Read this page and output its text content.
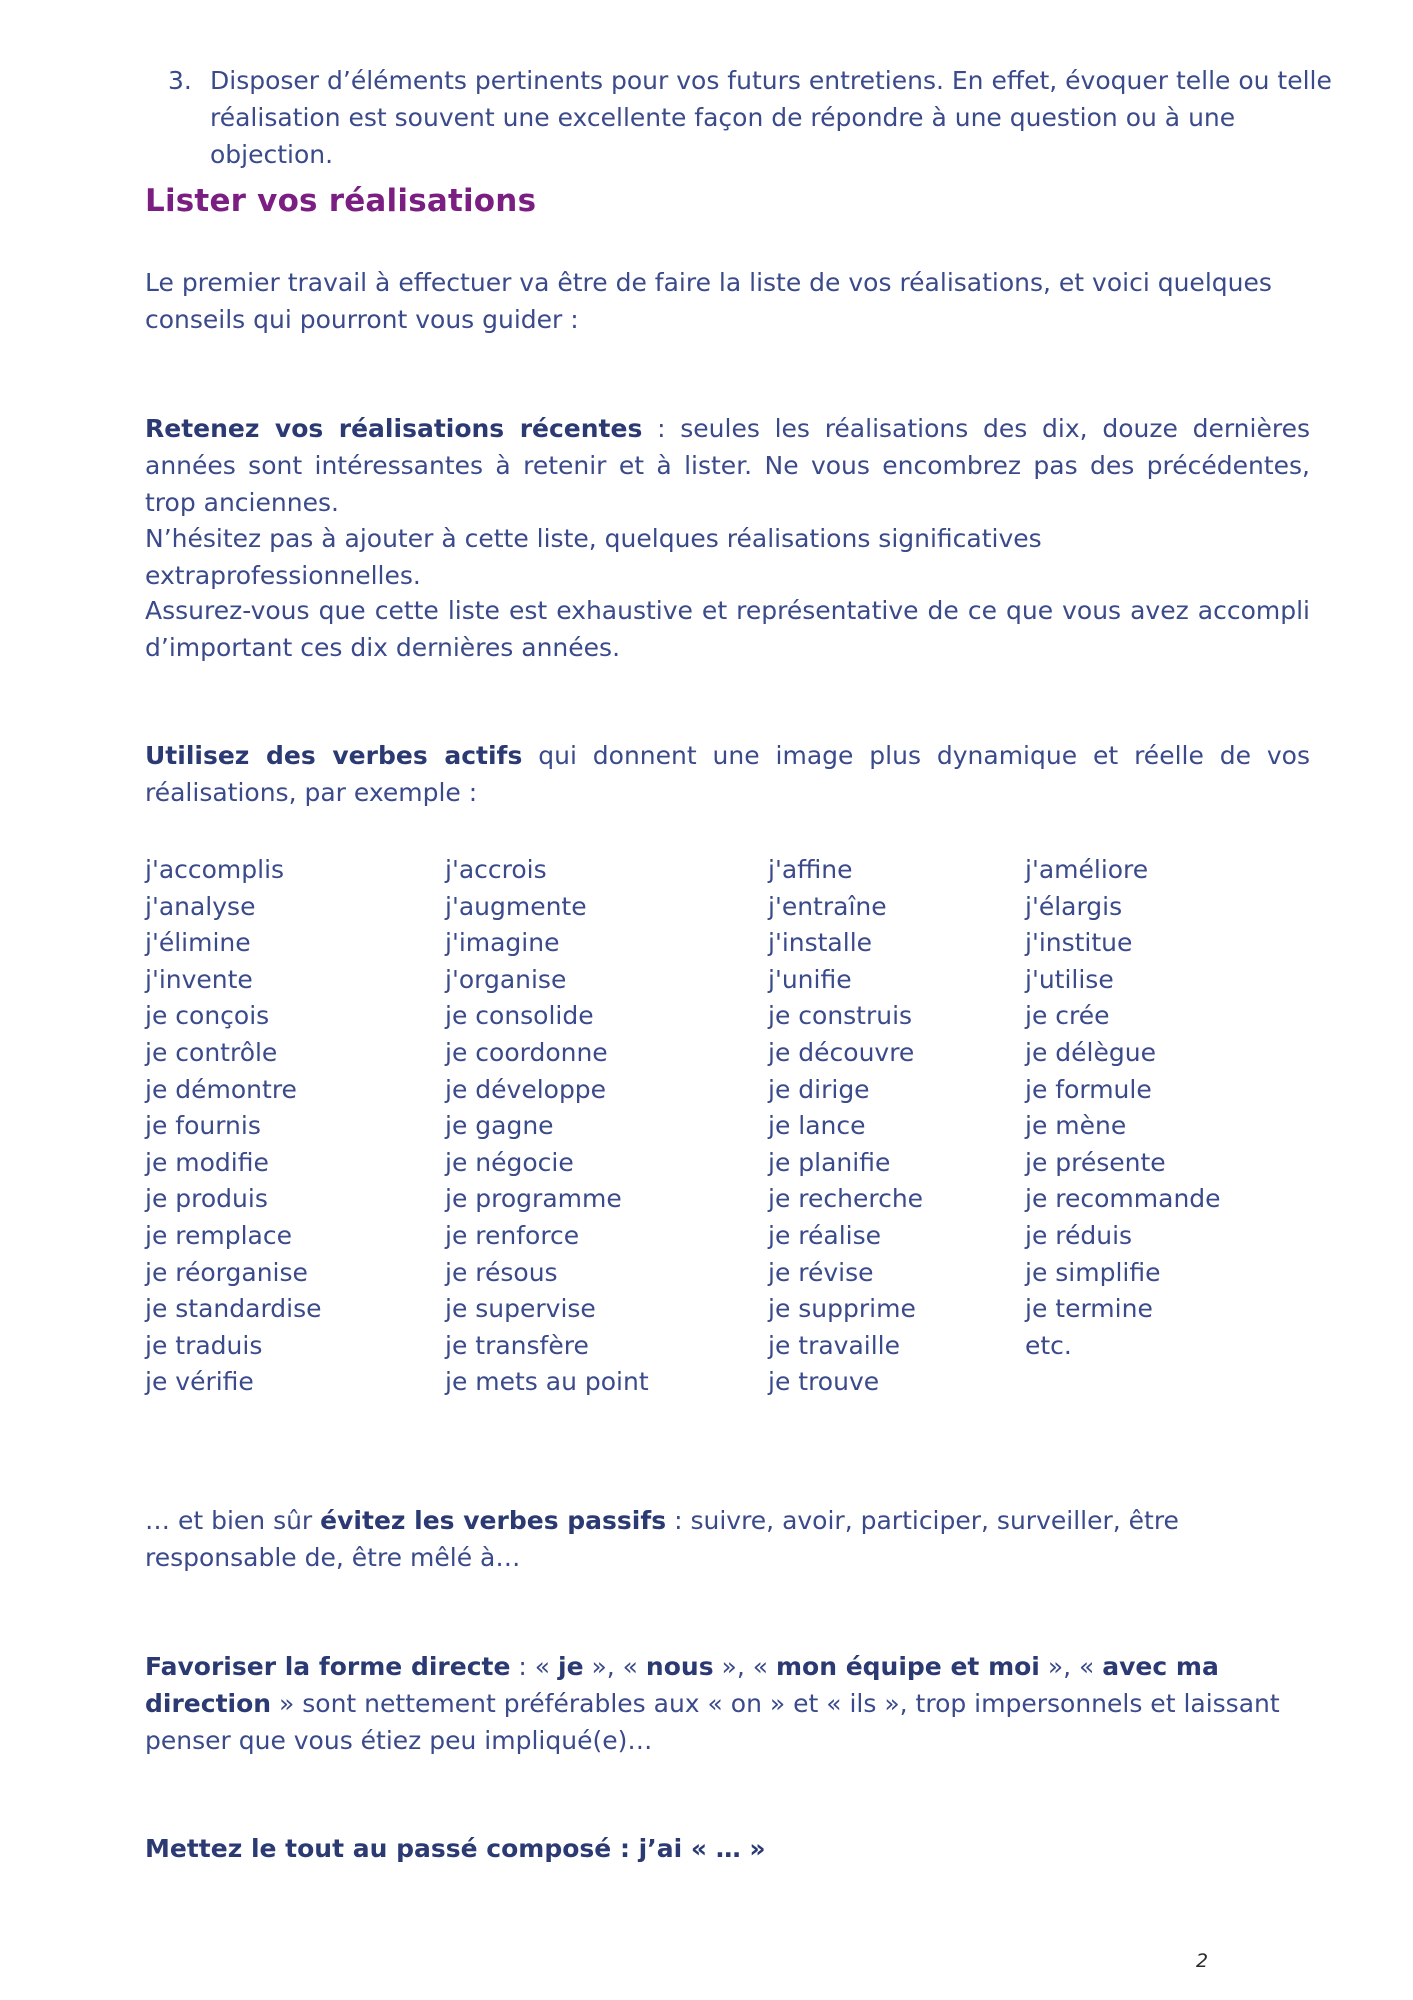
3. Disposer d’éléments pertinents pour vos futurs entretiens. En effet, évoquer telle ou telle réalisation est souvent une excellente façon de répondre à une question ou à une objection.
Lister vos réalisations
Le premier travail à effectuer va être de faire la liste de vos réalisations, et voici quelques conseils qui pourront vous guider :
Retenez vos réalisations récentes : seules les réalisations des dix, douze dernières années sont intéressantes à retenir et à lister. Ne vous encombrez pas des précédentes, trop anciennes.
N’hésitez pas à ajouter à cette liste, quelques réalisations significatives extraprofessionnelles.
Assurez-vous que cette liste est exhaustive et représentative de ce que vous avez accompli d’important ces dix dernières années.
Utilisez des verbes actifs qui donnent une image plus dynamique et réelle de vos réalisations, par exemple :
j'accomplis
j'analyse
j'élimine
j'invente
je conçois
je contrôle
je démontre
je fournis
je modifie
je produis
je remplace
je réorganise
je standardise
je traduis
je vérifie
j'accrois
j'augmente
j'imagine
j'organise
je consolide
je coordonne
je développe
je gagne
je négocie
je programme
je renforce
je résous
je supervise
je transfère
je mets au point
j'affine
j'entraîne
j'installe
j'unifie
je construis
je découvre
je dirige
je lance
je planifie
je recherche
je réalise
je révise
je supprime
je travaille
je trouve
j'améliore
j'élargis
j'institue
j'utilise
je crée
je délègue
je formule
je mène
je présente
je recommande
je réduis
je simplifie
je termine
etc.
… et bien sûr évitez les verbes passifs : suivre, avoir, participer, surveiller, être responsable de, être mêlé à…
Favoriser la forme directe : « je », « nous », « mon équipe et moi », « avec ma direction » sont nettement préférables aux « on » et « ils », trop impersonnels et laissant penser que vous étiez peu impliqué(e)…
Mettez le tout au passé composé : j’ai « … »
2
